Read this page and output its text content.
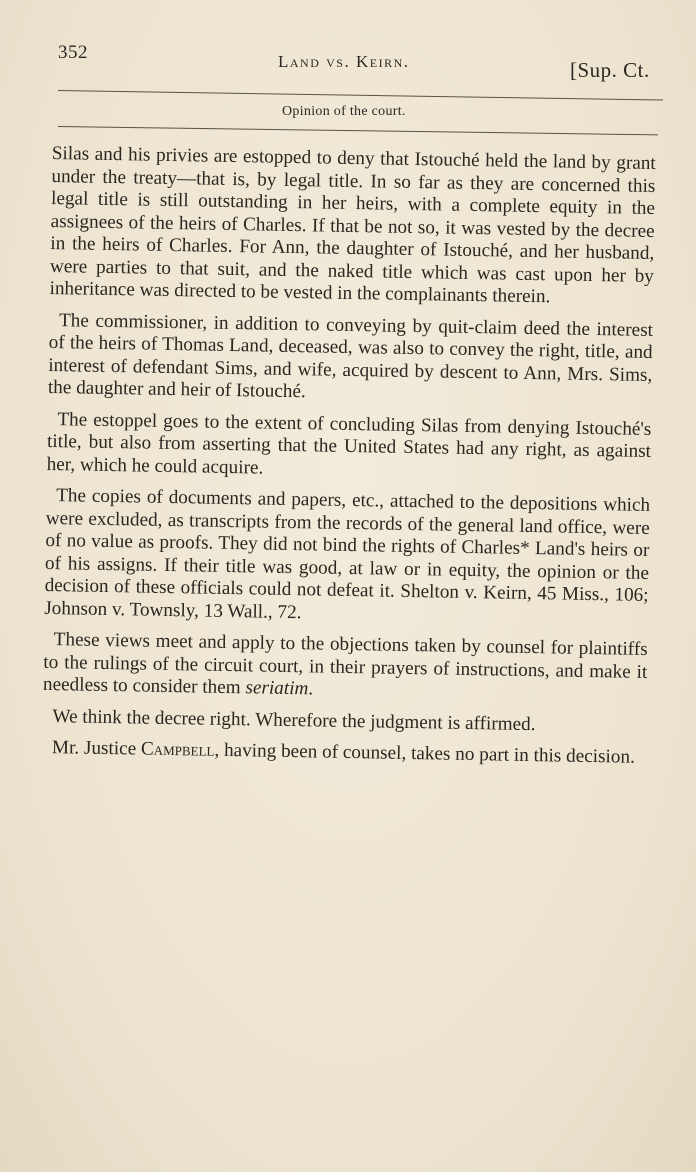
352	Land vs. Keirn.	[Sup. Ct.
Opinion of the court.

Silas and his privies are estopped to deny that Istouché held the land by grant under the treaty—that is, by legal title. In so far as they are concerned this legal title is still outstanding in her heirs, with a complete equity in the assignees of the heirs of Charles. If that be not so, it was vested by the decree in the heirs of Charles. For Ann, the daughter of Istouché, and her husband, were parties to that suit, and the naked title which was cast upon her by inheritance was directed to be vested in the complainants therein.

The commissioner, in addition to conveying by quit-claim deed the interest of the heirs of Thomas Land, deceased, was also to convey the right, title, and interest of defendant Sims, and wife, acquired by descent to Ann, Mrs. Sims, the daughter and heir of Istouché.

The estoppel goes to the extent of concluding Silas from denying Istouché's title, but also from asserting that the United States had any right, as against her, which he could acquire.

The copies of documents and papers, etc., attached to the depositions which were excluded, as transcripts from the records of the general land office, were of no value as proofs. They did not bind the rights of Charles* Land's heirs or of his assigns. If their title was good, at law or in equity, the opinion or the decision of these officials could not defeat it. Shelton v. Keirn, 45 Miss., 106; Johnson v. Townsly, 13 Wall., 72.

These views meet and apply to the objections taken by counsel for plaintiffs to the rulings of the circuit court, in their prayers of instructions, and make it needless to consider them seriatim.

We think the decree right. Wherefore the judgment is affirmed.

Mr. Justice Campbell, having been of counsel, takes no part in this decision.
